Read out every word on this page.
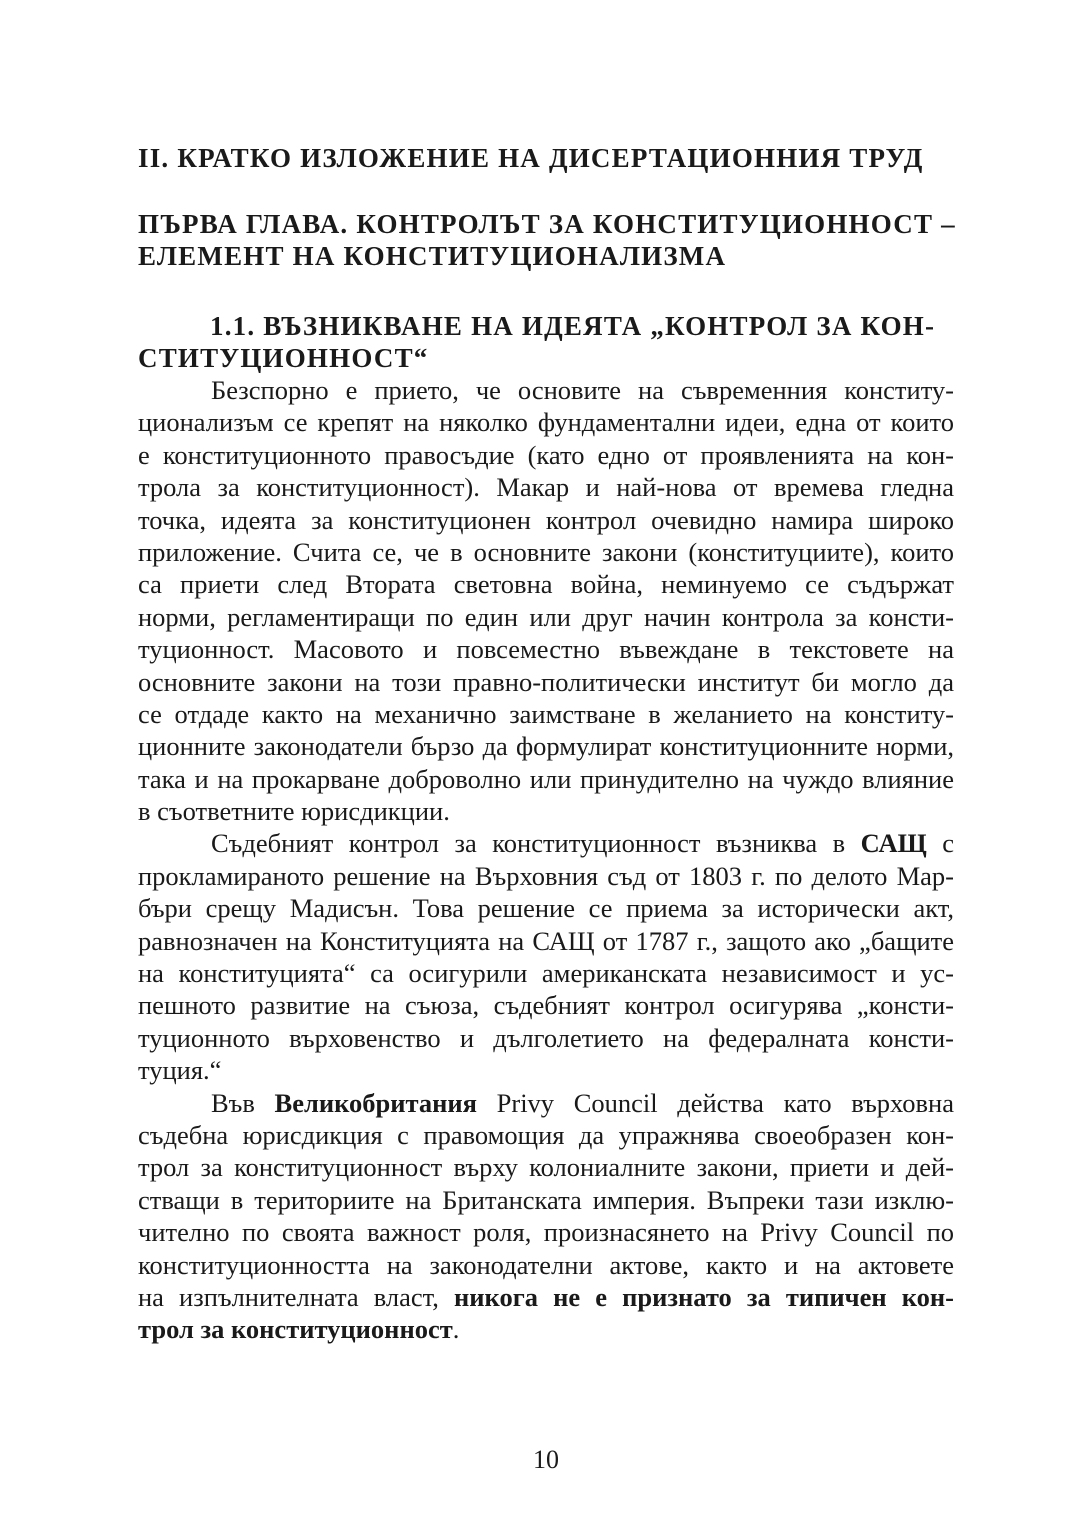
II. КРАТКО ИЗЛОЖЕНИЕ НА ДИСЕРТАЦИОННИЯ ТРУД
ПЪРВА ГЛАВА. КОНТРОЛЪТ ЗА КОНСТИТУЦИОННОСТ –
ЕЛЕМЕНТ НА КОНСТИТУЦИОНАЛИЗМА
1.1. ВЪЗНИКВАНЕ НА ИДЕЯТА „КОНТРОЛ ЗА КОН-
СТИТУЦИОННОСТ“
Безспорно е прието, че основите на съвременния конститу-
ционализъм се крепят на няколко фундаментални идеи, една от които
е конституционното правосъдие (като едно от проявленията на кон-
трола за конституционност). Макар и най-нова от времева гледна
точка, идеята за конституционен контрол очевидно намира широко
приложение. Счита се, че в основните закони (конституциите), които
са приети след Втората световна война, неминуемо се съдържат
норми, регламентиращи по един или друг начин контрола за консти-
туционност. Масовото и повсеместно въвеждане в текстовете на
основните закони на този правно-политически институт би могло да
се отдаде както на механично заимстване в желанието на конститу-
ционните законодатели бързо да формулират конституционните норми,
така и на прокарване доброволно или принудително на чуждо влияние
в съответните юрисдикции.
Съдебният контрол за конституционност възниква в САЩ с
прокламираното решение на Върховния съд от 1803 г. по делото Мар-
бъри срещу Мадисън. Това решение се приема за исторически акт,
равнозначен на Конституцията на САЩ от 1787 г., защото ако „бащите
на конституцията“ са осигурили американската независимост и ус-
пешното развитие на съюза, съдебният контрол осигурява „консти-
туционното върховенство и дълголетието на федералната консти-
туция.“
Във Великобритания Privy Council действа като върховна
съдебна юрисдикция с правомощия да упражнява своеобразен кон-
трол за конституционност върху колониалните закони, приети и дей-
стващи в териториите на Британската империя. Въпреки тази изклю-
чително по своята важност роля, произнасянето на Privy Council по
конституционността на законодателни актове, както и на актовете
на изпълнителната власт, никога не е признато за типичен кон-
трол за конституционност.
10
